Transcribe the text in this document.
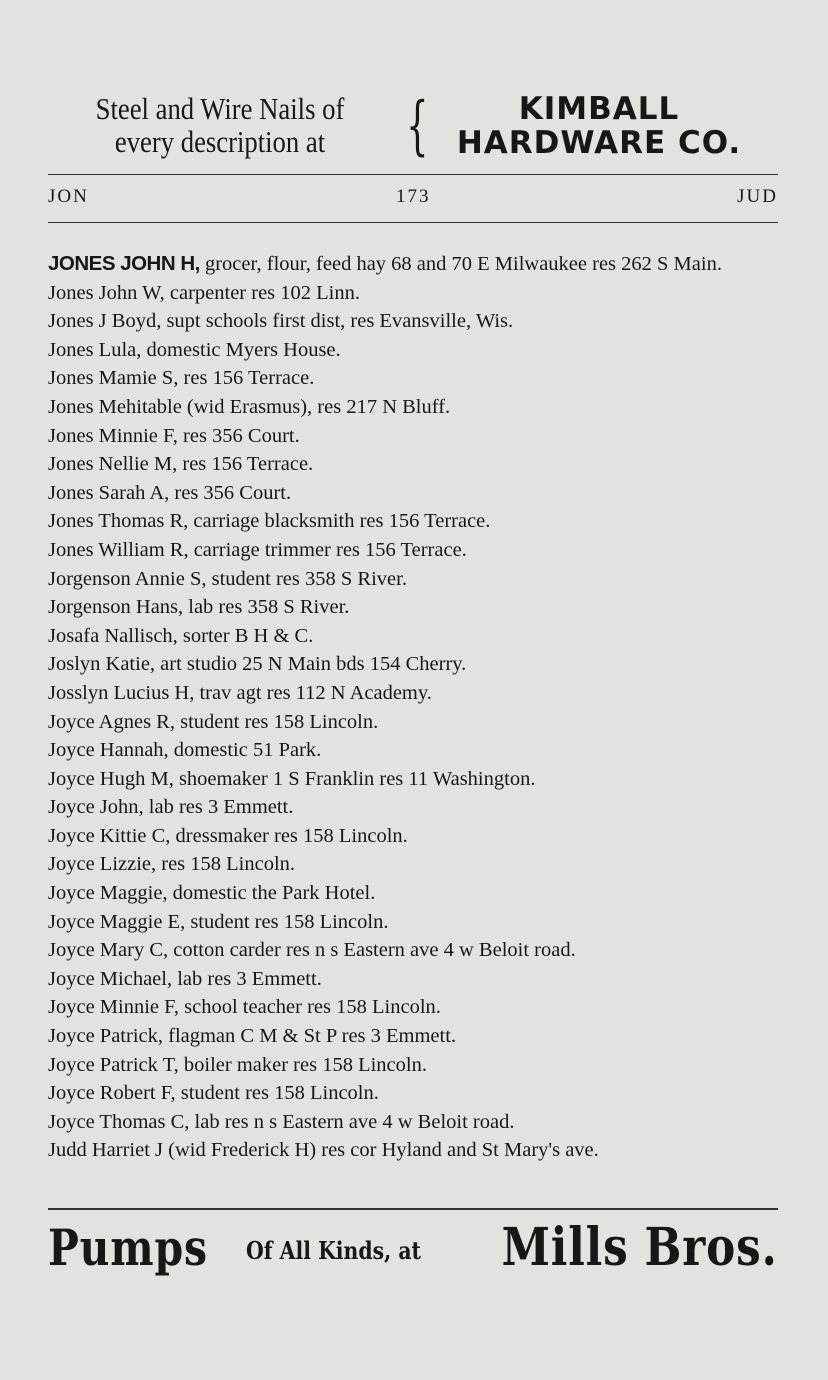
Steel and Wire Nails of
every description at	{	KIMBALL
HARDWARE CO.
JON	173	JUD
JONES JOHN H, grocer, flour, feed hay 68 and 70 E Milwaukee res 262 S Main.
Jones John W, carpenter res 102 Linn.
Jones J Boyd, supt schools first dist, res Evansville, Wis.
Jones Lula, domestic Myers House.
Jones Mamie S, res 156 Terrace.
Jones Mehitable (wid Erasmus), res 217 N Bluff.
Jones Minnie F, res 356 Court.
Jones Nellie M, res 156 Terrace.
Jones Sarah A, res 356 Court.
Jones Thomas R, carriage blacksmith res 156 Terrace.
Jones William R, carriage trimmer res 156 Terrace.
Jorgenson Annie S, student res 358 S River.
Jorgenson Hans, lab res 358 S River.
Josafa Nallisch, sorter B H & C.
Joslyn Katie, art studio 25 N Main bds 154 Cherry.
Josslyn Lucius H, trav agt res 112 N Academy.
Joyce Agnes R, student res 158 Lincoln.
Joyce Hannah, domestic 51 Park.
Joyce Hugh M, shoemaker 1 S Franklin res 11 Washington.
Joyce John, lab res 3 Emmett.
Joyce Kittie C, dressmaker res 158 Lincoln.
Joyce Lizzie, res 158 Lincoln.
Joyce Maggie, domestic the Park Hotel.
Joyce Maggie E, student res 158 Lincoln.
Joyce Mary C, cotton carder res n s Eastern ave 4 w Beloit road.
Joyce Michael, lab res 3 Emmett.
Joyce Minnie F, school teacher res 158 Lincoln.
Joyce Patrick, flagman C M & St P res 3 Emmett.
Joyce Patrick T, boiler maker res 158 Lincoln.
Joyce Robert F, student res 158 Lincoln.
Joyce Thomas C, lab res n s Eastern ave 4 w Beloit road.
Judd Harriet J (wid Frederick H) res cor Hyland and St Mary's ave.
Pumps Of All Kinds, at Mills Bros.
